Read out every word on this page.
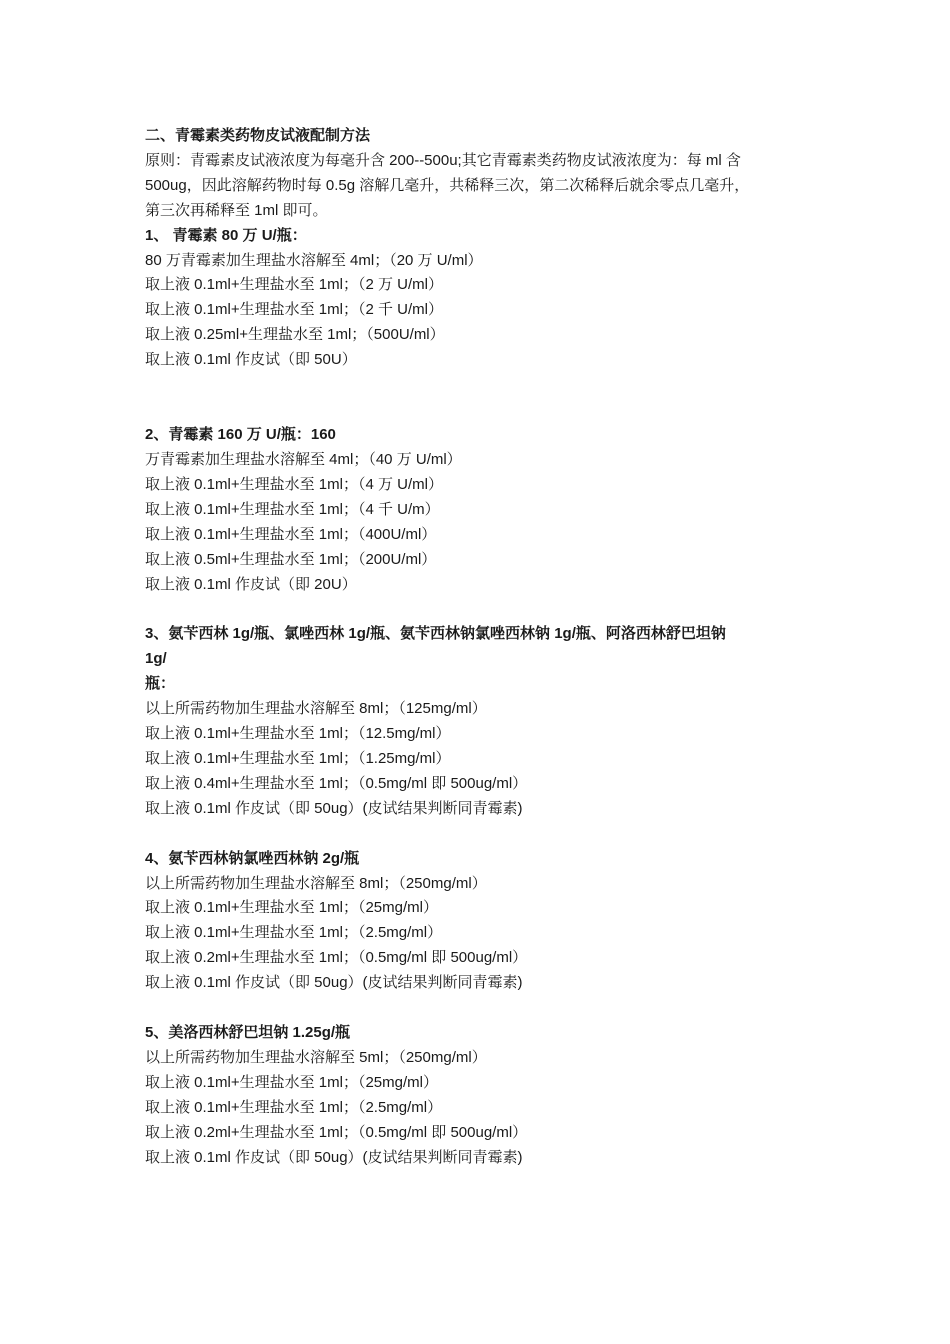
二、青霉素类药物皮试液配制方法
原则：青霉素皮试液浓度为每毫升含 200--500u;其它青霉素类药物皮试液浓度为：每 ml 含
500ug，因此溶解药物时每 0.5g 溶解几毫升，共稀释三次，第二次稀释后就余零点几毫升，
第三次再稀释至 1ml 即可。
1、 青霉素 80 万 U/瓶：
80 万青霉素加生理盐水溶解至 4ml；（20 万 U/ml）
取上液 0.1ml+生理盐水至 1ml；（2 万 U/ml）
取上液 0.1ml+生理盐水至 1ml；（2 千 U/ml）
取上液 0.25ml+生理盐水至 1ml；（500U/ml）
取上液 0.1ml 作皮试（即 50U）
2、青霉素 160 万 U/瓶：160
万青霉素加生理盐水溶解至 4ml；（40 万 U/ml）
取上液 0.1ml+生理盐水至 1ml；（4 万 U/ml）
取上液 0.1ml+生理盐水至 1ml；（4 千 U/m）
取上液 0.1ml+生理盐水至 1ml；（400U/ml）
取上液 0.5ml+生理盐水至 1ml；（200U/ml）
取上液 0.1ml 作皮试（即 20U）
3、氨苄西林 1g/瓶、氯唑西林 1g/瓶、氨苄西林钠氯唑西林钠 1g/瓶、阿洛西林舒巴坦钠
1g/
瓶：
以上所需药物加生理盐水溶解至 8ml；（125mg/ml）
取上液 0.1ml+生理盐水至 1ml；（12.5mg/ml）
取上液 0.1ml+生理盐水至 1ml；（1.25mg/ml）
取上液 0.4ml+生理盐水至 1ml；（0.5mg/ml 即 500ug/ml）
取上液 0.1ml 作皮试（即 50ug）(皮试结果判断同青霉素)
4、氨苄西林钠氯唑西林钠 2g/瓶
以上所需药物加生理盐水溶解至 8ml；（250mg/ml）
取上液 0.1ml+生理盐水至 1ml；（25mg/ml）
取上液 0.1ml+生理盐水至 1ml；（2.5mg/ml）
取上液 0.2ml+生理盐水至 1ml；（0.5mg/ml 即 500ug/ml）
取上液 0.1ml 作皮试（即 50ug）(皮试结果判断同青霉素)
5、美洛西林舒巴坦钠 1.25g/瓶
以上所需药物加生理盐水溶解至 5ml；（250mg/ml）
取上液 0.1ml+生理盐水至 1ml；（25mg/ml）
取上液 0.1ml+生理盐水至 1ml；（2.5mg/ml）
取上液 0.2ml+生理盐水至 1ml；（0.5mg/ml 即 500ug/ml）
取上液 0.1ml 作皮试（即 50ug）(皮试结果判断同青霉素)
